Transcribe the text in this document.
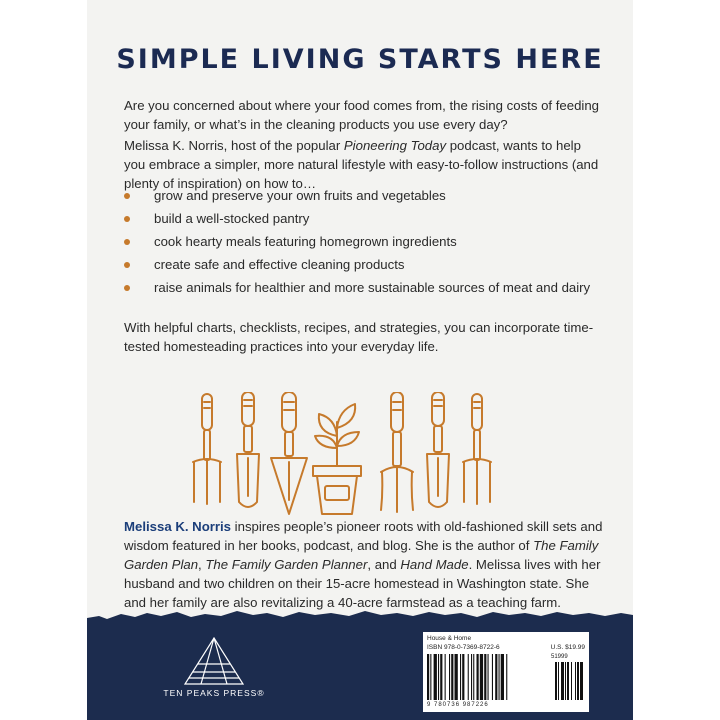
SIMPLE LIVING STARTS HERE

Are you concerned about where your food comes from, the rising costs of feeding your family, or what’s in the cleaning products you use every day?

Melissa K. Norris, host of the popular Pioneering Today podcast, wants to help you embrace a simpler, more natural lifestyle with easy-to-follow instructions (and plenty of inspiration) on how to…

grow and preserve your own fruits and vegetables
build a well-stocked pantry
cook hearty meals featuring homegrown ingredients
create safe and effective cleaning products
raise animals for healthier and more sustainable sources of meat and dairy

With helpful charts, checklists, recipes, and strategies, you can incorporate time-tested homesteading practices into your everyday life.

Melissa K. Norris inspires people’s pioneer roots with old-fashioned skill sets and wisdom featured in her books, podcast, and blog. She is the author of The Family Garden Plan, The Family Garden Planner, and Hand Made. Melissa lives with her husband and two children on their 15-acre homestead in Washington state. She and her family are also revitalizing a 40-acre farmstead as a teaching farm.

TEN PEAKS PRESS®
House & Home
ISBN 978-0-7369-8722-6	U.S. $19.99
51999
9 780736 987226
